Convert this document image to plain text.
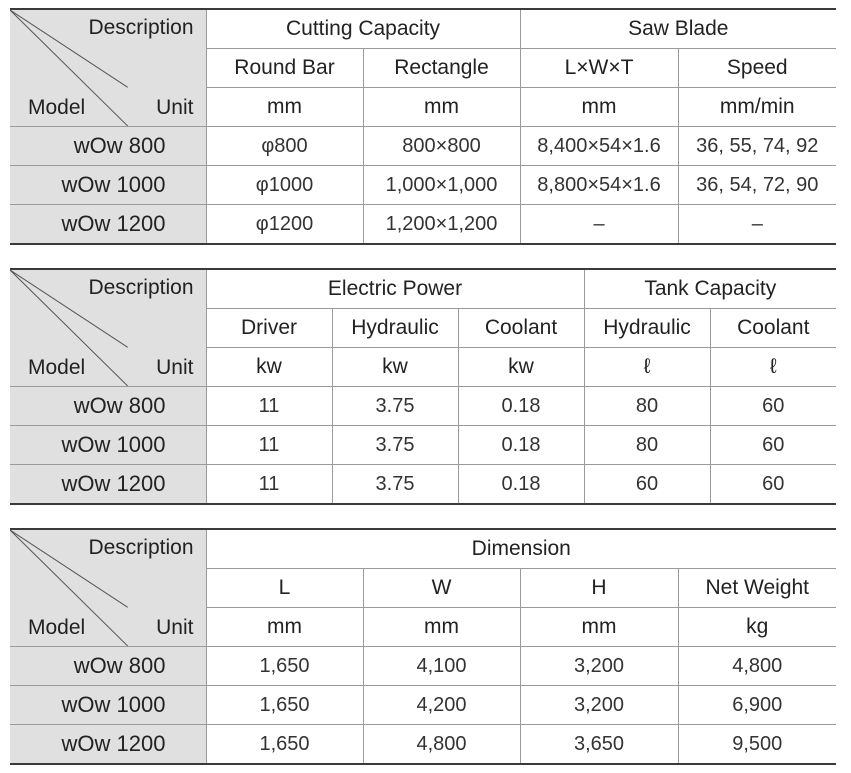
Description
Model Unit	Cutting Capacity		Saw Blade	
	Round Bar	Rectangle	L×W×T	Speed
	mm	mm	mm	mm/min
wOw 800	φ800	800×800	8,400×54×1.6	36, 55, 74, 92
wOw 1000	φ1000	1,000×1,000	8,800×54×1.6	36, 54, 72, 90
wOw 1200	φ1200	1,200×1,200	–	–
Description
Model Unit	Electric Power			Tank Capacity	
	Driver	Hydraulic	Coolant	Hydraulic	Coolant
	kw	kw	kw	ℓ	ℓ
wOw 800	11	3.75	0.18	80	60
wOw 1000	11	3.75	0.18	80	60
wOw 1200	11	3.75	0.18	60	60
Description
Model Unit	Dimension			
	L	W	H	Net Weight
	mm	mm	mm	kg
wOw 800	1,650	4,100	3,200	4,800
wOw 1000	1,650	4,200	3,200	6,900
wOw 1200	1,650	4,800	3,650	9,500
